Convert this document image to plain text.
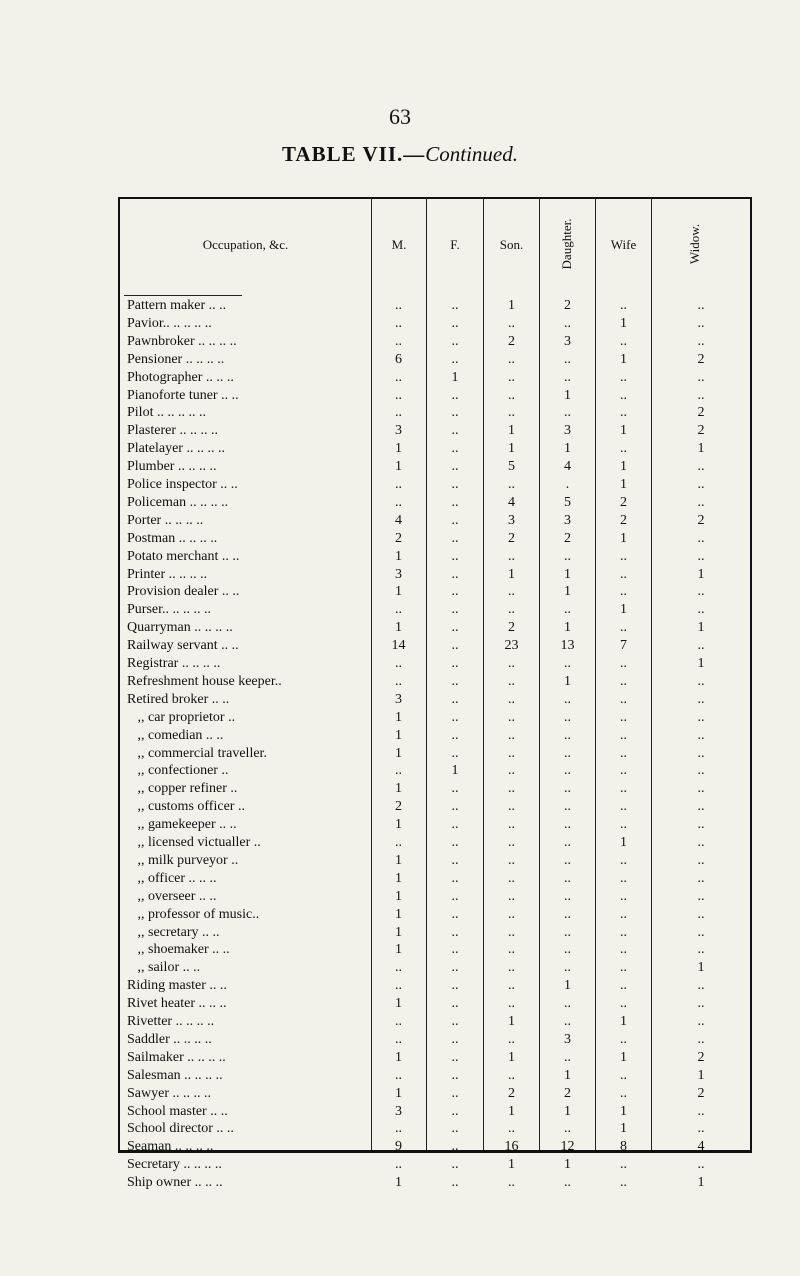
63
TABLE VII.—Continued.
Occupation, &c.	M.	F.	Son.	Daughter.	Wife	Widow.
Pattern maker .. ..	..	..	1	2	..	..
Pavior.. .. .. .. ..	..	..	..	..	1	..
Pawnbroker .. .. .. ..	..	..	2	3	..	..
Pensioner .. .. .. ..	6	..	..	..	1	2
Photographer .. .. ..	..	1	..	..	..	..
Pianoforte tuner .. ..	..	..	..	1	..	..
Pilot .. .. .. .. ..	..	..	..	..	..	2
Plasterer .. .. .. ..	3	..	1	3	1	2
Platelayer .. .. .. ..	1	..	1	1	..	1
Plumber .. .. .. ..	1	..	5	4	1	..
Police inspector .. ..	..	..	..	.	1	..
Policeman .. .. .. ..	..	..	4	5	2	..
Porter .. .. .. ..	4	..	3	3	2	2
Postman .. .. .. ..	2	..	2	2	1	..
Potato merchant .. ..	1	..	..	..	..	..
Printer .. .. .. ..	3	..	1	1	..	1
Provision dealer .. ..	1	..	..	1	..	..
Purser.. .. .. .. ..	..	..	..	..	1	..
Quarryman .. .. .. ..	1	..	2	1	..	1
Railway servant .. ..	14	..	23	13	7	..
Registrar .. .. .. ..	..	..	..	..	..	1
Refreshment house keeper..	..	..	..	1	..	..
Retired broker .. ..	3	..	..	..	..	..
,, car proprietor ..	1	..	..	..	..	..
,, comedian .. ..	1	..	..	..	..	..
,, commercial traveller.	1	..	..	..	..	..
,, confectioner ..	..	1	..	..	..	..
,, copper refiner ..	1	..	..	..	..	..
,, customs officer ..	2	..	..	..	..	..
,, gamekeeper .. ..	1	..	..	..	..	..
,, licensed victualler ..	..	..	..	..	1	..
,, milk purveyor ..	1	..	..	..	..	..
,, officer .. .. ..	1	..	..	..	..	..
,, overseer .. ..	1	..	..	..	..	..
,, professor of music..	1	..	..	..	..	..
,, secretary .. ..	1	..	..	..	..	..
,, shoemaker .. ..	1	..	..	..	..	..
,, sailor .. ..	..	..	..	..	..	1
Riding master .. ..	..	..	..	1	..	..
Rivet heater .. .. ..	1	..	..	..	..	..
Rivetter .. .. .. ..	..	..	1	..	1	..
Saddler .. .. .. ..	..	..	..	3	..	..
Sailmaker .. .. .. ..	1	..	1	..	1	2
Salesman .. .. .. ..	..	..	..	1	..	1
Sawyer .. .. .. ..	1	..	2	2	..	2
School master .. ..	3	..	1	1	1	..
School director .. ..	..	..	..	..	1	..
Seaman .. .. .. ..	9	..	16	12	8	4
Secretary .. .. .. ..	..	..	1	1	..	..
Ship owner .. .. ..	1	..	..	..	..	1
